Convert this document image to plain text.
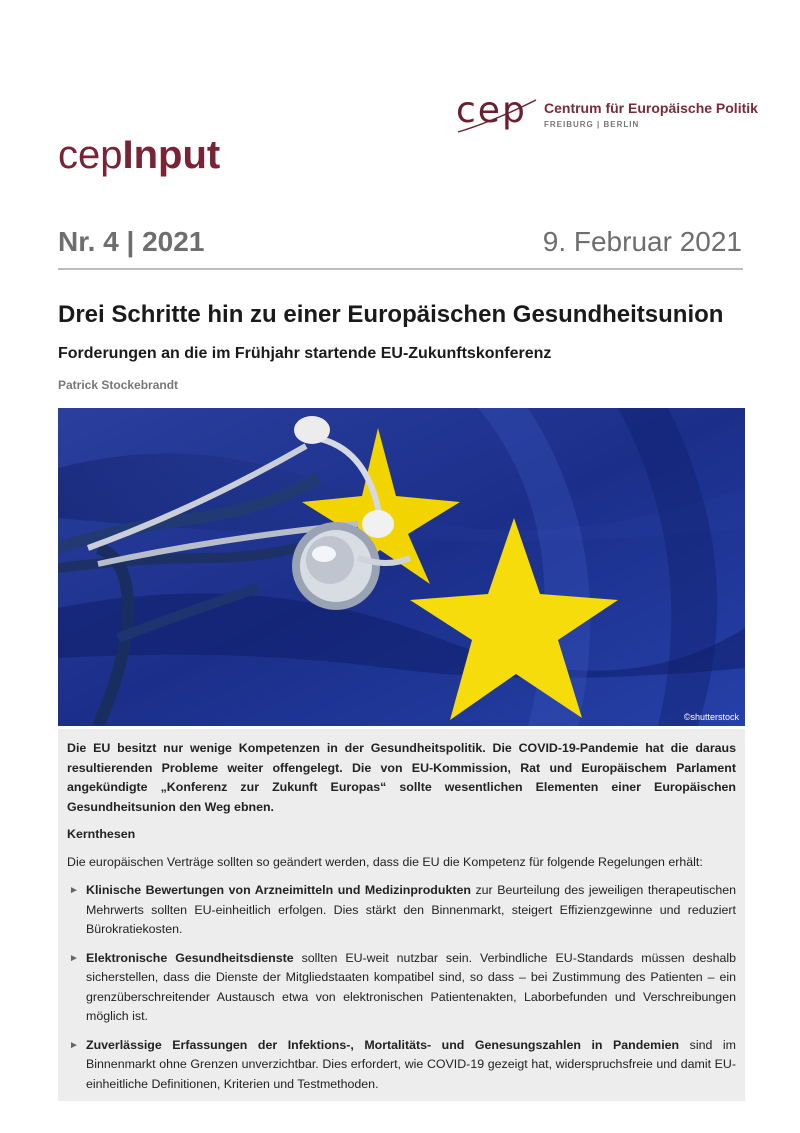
cep Centrum für Europäische Politik
FREIBURG | BERLIN
cepInput
Nr. 4 | 2021	9. Februar 2021
Drei Schritte hin zu einer Europäischen Gesundheitsunion
Forderungen an die im Frühjahr startende EU-Zukunftskonferenz
Patrick Stockebrandt
©shutterstock

Die EU besitzt nur wenige Kompetenzen in der Gesundheitspolitik. Die COVID-19-Pandemie hat die daraus resultierenden Probleme weiter offengelegt. Die von EU-Kommission, Rat und Europäischem Parlament angekündigte „Konferenz zur Zukunft Europas“ sollte wesentlichen Elementen einer Europäischen Gesundheitsunion den Weg ebnen.

Kernthesen

Die europäischen Verträge sollten so geändert werden, dass die EU die Kompetenz für folgende Regelungen erhält:

► Klinische Bewertungen von Arzneimitteln und Medizinprodukten zur Beurteilung des jeweiligen therapeutischen Mehrwerts sollten EU-einheitlich erfolgen. Dies stärkt den Binnenmarkt, steigert Effizienzgewinne und reduziert Bürokratiekosten.
► Elektronische Gesundheitsdienste sollten EU-weit nutzbar sein. Verbindliche EU-Standards müssen deshalb sicherstellen, dass die Dienste der Mitgliedstaaten kompatibel sind, so dass – bei Zustimmung des Patienten – ein grenzüberschreitender Austausch etwa von elektronischen Patientenakten, Laborbefunden und Verschreibungen möglich ist.
► Zuverlässige Erfassungen der Infektions-, Mortalitäts- und Genesungszahlen in Pandemien sind im Binnenmarkt ohne Grenzen unverzichtbar. Dies erfordert, wie COVID-19 gezeigt hat, widerspruchsfreie und damit EU-einheitliche Definitionen, Kriterien und Testmethoden.
